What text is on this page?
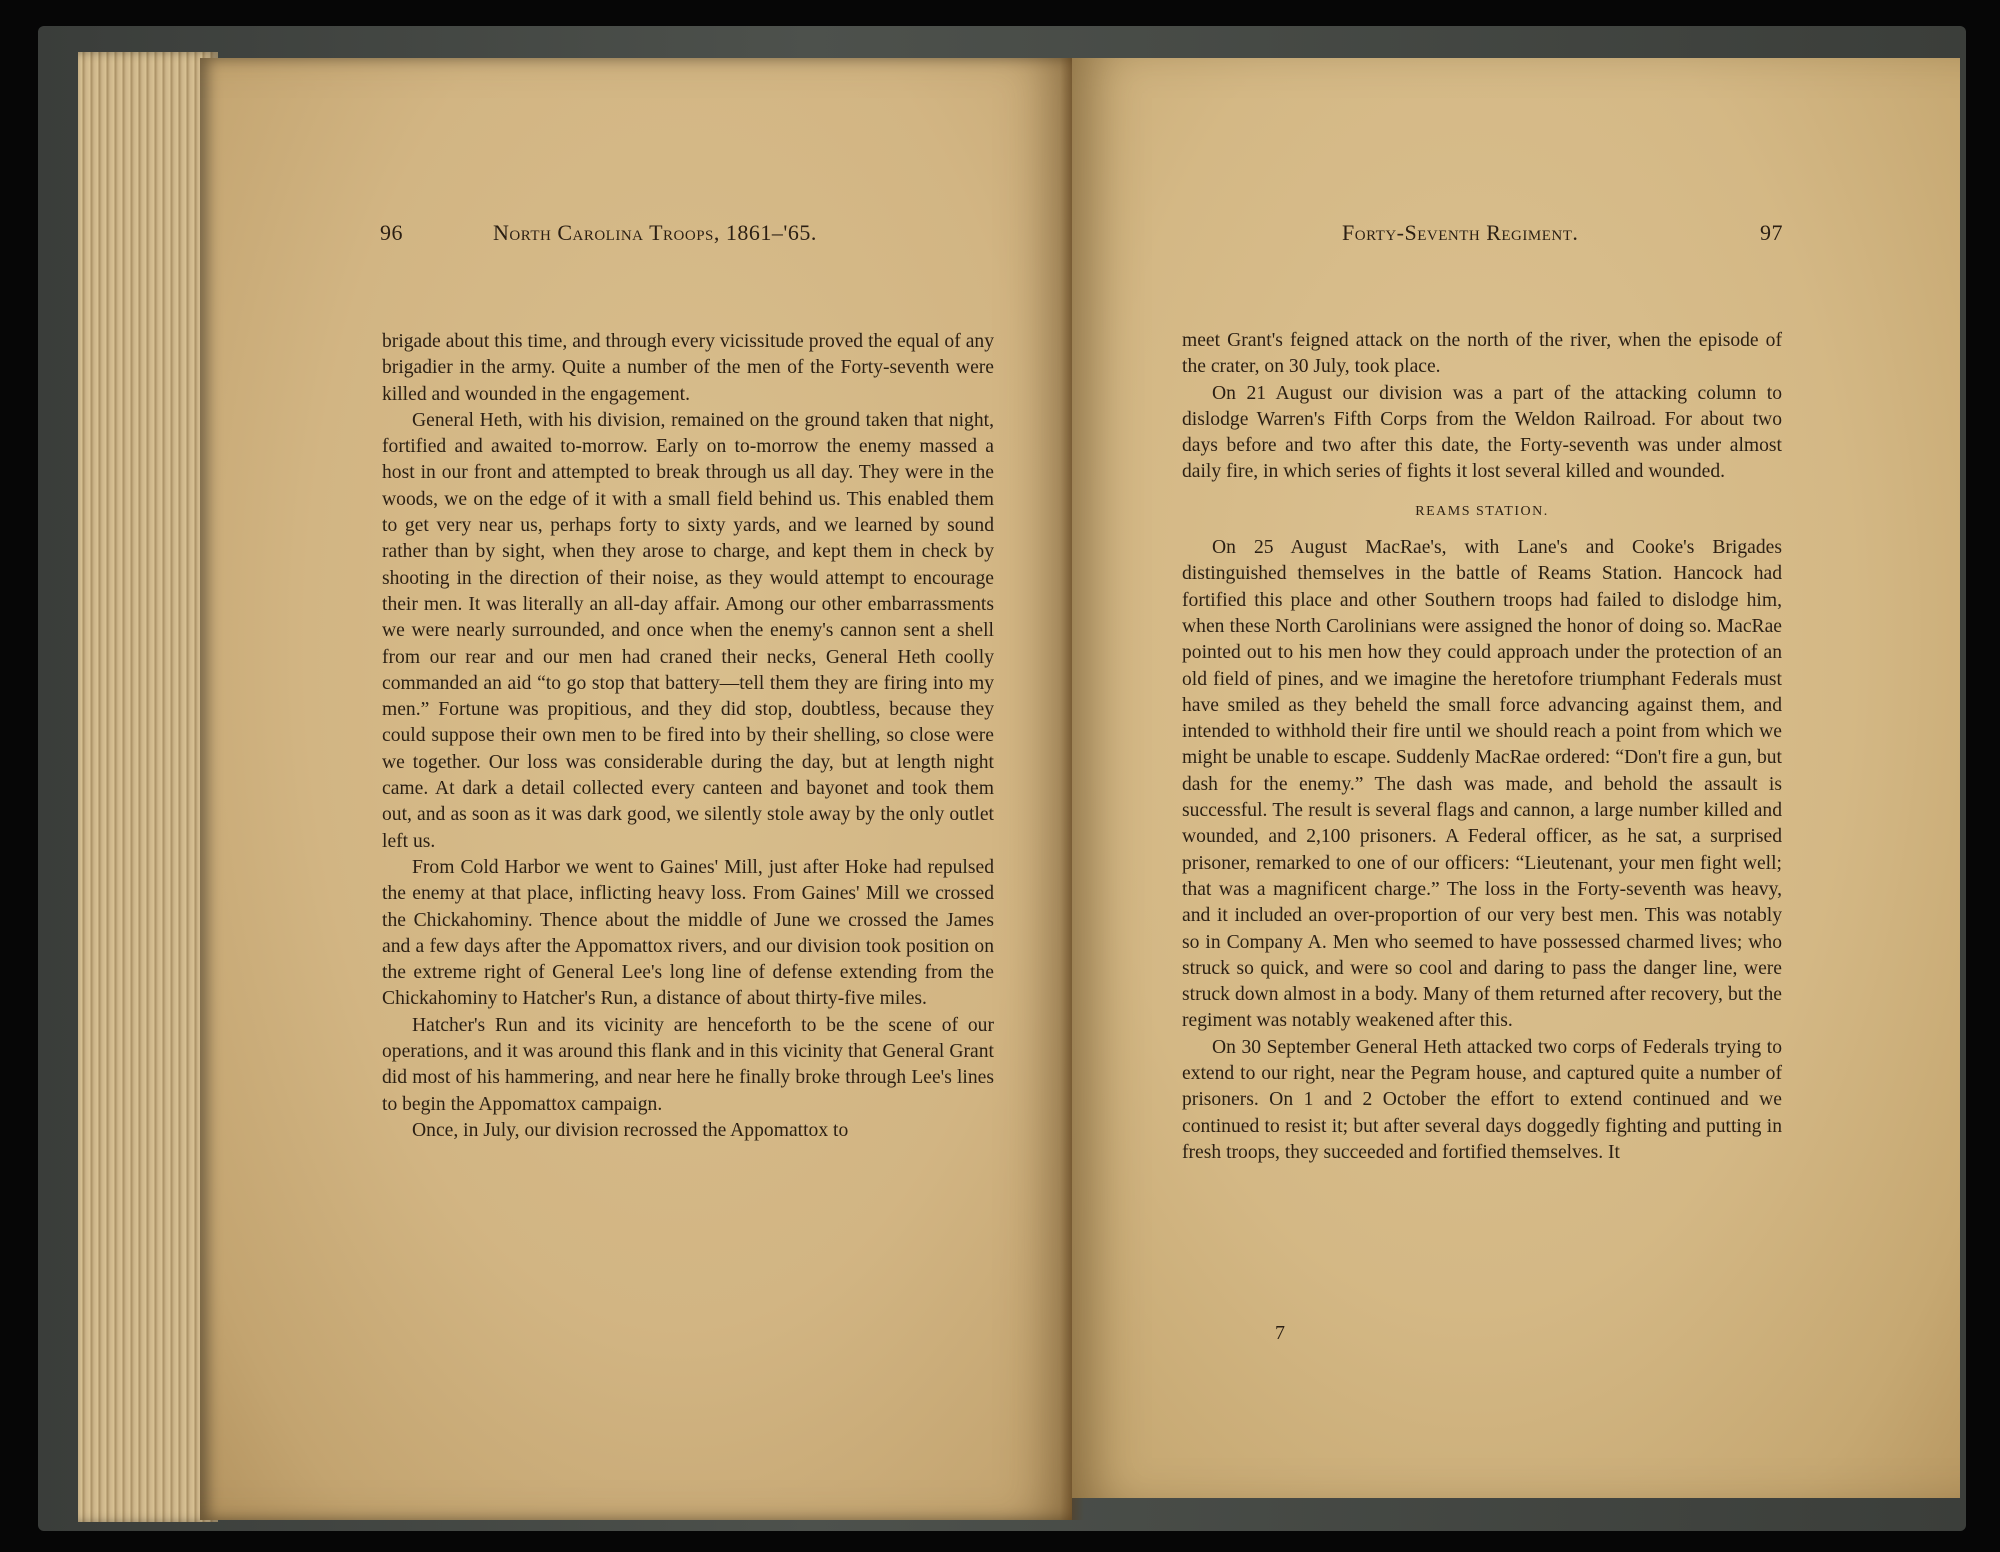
96	North Carolina Troops, 1861–'65.

brigade about this time, and through every vicissitude proved the equal of any brigadier in the army. Quite a number of the men of the Forty-seventh were killed and wounded in the engagement.

General Heth, with his division, remained on the ground taken that night, fortified and awaited to-morrow. Early on to-morrow the enemy massed a host in our front and attempted to break through us all day. They were in the woods, we on the edge of it with a small field behind us. This enabled them to get very near us, perhaps forty to sixty yards, and we learned by sound rather than by sight, when they arose to charge, and kept them in check by shooting in the direction of their noise, as they would attempt to encourage their men. It was literally an all-day affair. Among our other embarrassments we were nearly surrounded, and once when the enemy's cannon sent a shell from our rear and our men had craned their necks, General Heth coolly commanded an aid “to go stop that battery—tell them they are firing into my men.” Fortune was propitious, and they did stop, doubtless, because they could suppose their own men to be fired into by their shelling, so close were we together. Our loss was considerable during the day, but at length night came. At dark a detail collected every canteen and bayonet and took them out, and as soon as it was dark good, we silently stole away by the only outlet left us.

From Cold Harbor we went to Gaines' Mill, just after Hoke had repulsed the enemy at that place, inflicting heavy loss. From Gaines' Mill we crossed the Chickahominy. Thence about the middle of June we crossed the James and a few days after the Appomattox rivers, and our division took position on the extreme right of General Lee's long line of defense extending from the Chickahominy to Hatcher's Run, a distance of about thirty-five miles.

Hatcher's Run and its vicinity are henceforth to be the scene of our operations, and it was around this flank and in this vicinity that General Grant did most of his hammering, and near here he finally broke through Lee's lines to begin the Appomattox campaign.

Once, in July, our division recrossed the Appomattox to

Forty-Seventh Regiment.	97

meet Grant's feigned attack on the north of the river, when the episode of the crater, on 30 July, took place.

On 21 August our division was a part of the attacking column to dislodge Warren's Fifth Corps from the Weldon Railroad. For about two days before and two after this date, the Forty-seventh was under almost daily fire, in which series of fights it lost several killed and wounded.

REAMS STATION.

On 25 August MacRae's, with Lane's and Cooke's Brigades distinguished themselves in the battle of Reams Station. Hancock had fortified this place and other Southern troops had failed to dislodge him, when these North Carolinians were assigned the honor of doing so. MacRae pointed out to his men how they could approach under the protection of an old field of pines, and we imagine the heretofore triumphant Federals must have smiled as they beheld the small force advancing against them, and intended to withhold their fire until we should reach a point from which we might be unable to escape. Suddenly MacRae ordered: “Don't fire a gun, but dash for the enemy.” The dash was made, and behold the assault is successful. The result is several flags and cannon, a large number killed and wounded, and 2,100 prisoners. A Federal officer, as he sat, a surprised prisoner, remarked to one of our officers: “Lieutenant, your men fight well; that was a magnificent charge.” The loss in the Forty-seventh was heavy, and it included an over-proportion of our very best men. This was notably so in Company A. Men who seemed to have possessed charmed lives; who struck so quick, and were so cool and daring to pass the danger line, were struck down almost in a body. Many of them returned after recovery, but the regiment was notably weakened after this.

On 30 September General Heth attacked two corps of Federals trying to extend to our right, near the Pegram house, and captured quite a number of prisoners. On 1 and 2 October the effort to extend continued and we continued to resist it; but after several days doggedly fighting and putting in fresh troops, they succeeded and fortified themselves. It

7
